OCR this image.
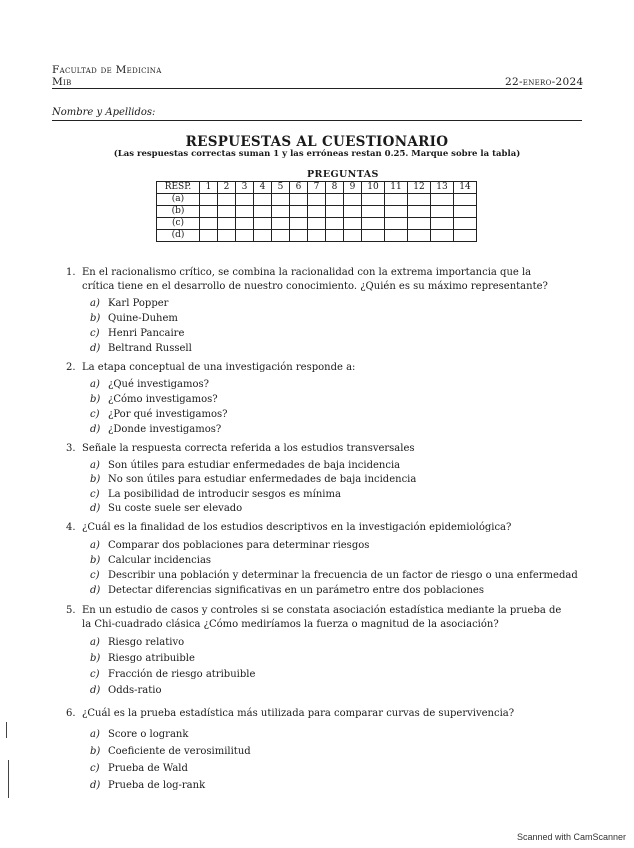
Facultad de Medicina
Mib	22-enero-2024
Nombre y Apellidos:
RESPUESTAS AL CUESTIONARIO
(Las respuestas correctas suman 1 y las erróneas restan 0.25. Marque sobre la tabla)
PREGUNTAS
RESP.	1	2	3	4	5	6	7	8	9	10	11	12	13	14
(a)														
(b)														
(c)														
(d)														
1. En el racionalismo crítico, se combina la racionalidad con la extrema importancia que la crítica tiene en el desarrollo de nuestro conocimiento. ¿Quién es su máximo representante?
a) Karl Popper
b) Quine-Duhem
c) Henri Pancaire
d) Beltrand Russell
2. La etapa conceptual de una investigación responde a:
a) ¿Qué investigamos?
b) ¿Cómo investigamos?
c) ¿Por qué investigamos?
d) ¿Donde investigamos?
3. Señale la respuesta correcta referida a los estudios transversales
a) Son útiles para estudiar enfermedades de baja incidencia
b) No son útiles para estudiar enfermedades de baja incidencia
c) La posibilidad de introducir sesgos es mínima
d) Su coste suele ser elevado
4. ¿Cuál es la finalidad de los estudios descriptivos en la investigación epidemiológica?
a) Comparar dos poblaciones para determinar riesgos
b) Calcular incidencias
c) Describir una población y determinar la frecuencia de un factor de riesgo o una enfermedad
d) Detectar diferencias significativas en un parámetro entre dos poblaciones
5. En un estudio de casos y controles si se constata asociación estadística mediante la prueba de la Chi-cuadrado clásica ¿Cómo mediríamos la fuerza o magnitud de la asociación?
a) Riesgo relativo
b) Riesgo atribuible
c) Fracción de riesgo atribuible
d) Odds-ratio
6. ¿Cuál es la prueba estadística más utilizada para comparar curvas de supervivencia?
a) Score o logrank
b) Coeficiente de verosimilitud
c) Prueba de Wald
d) Prueba de log-rank
Scanned with CamScanner
